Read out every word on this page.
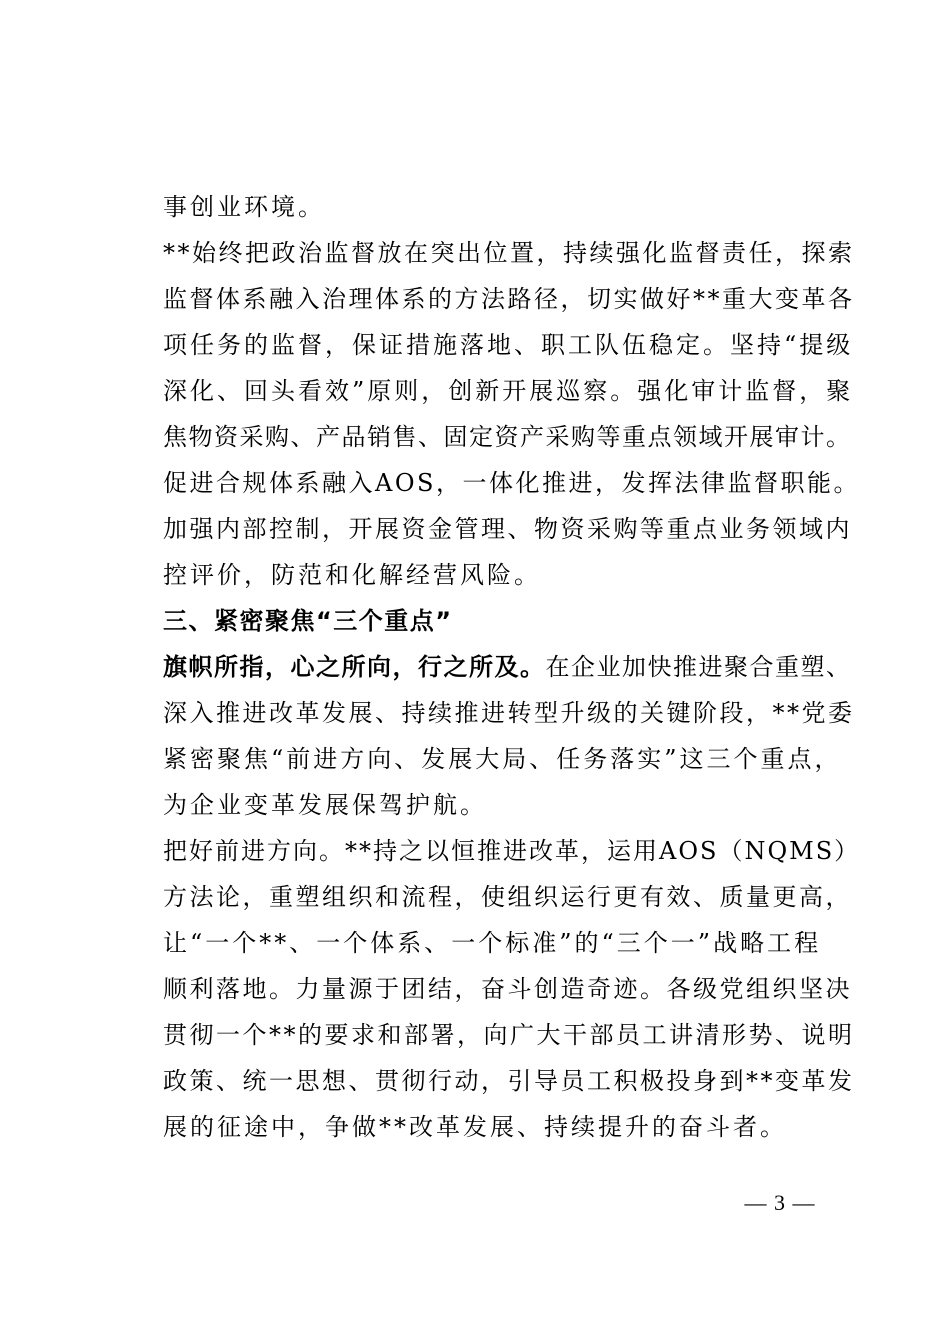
事创业环境。
**始终把政治监督放在突出位置，持续强化监督责任，探索
监督体系融入治理体系的方法路径，切实做好**重大变革各
项任务的监督，保证措施落地、职工队伍稳定。坚持“提级
深化、回头看效”原则，创新开展巡察。强化审计监督，聚
焦物资采购、产品销售、固定资产采购等重点领域开展审计。
促进合规体系融入AOS，一体化推进，发挥法律监督职能。
加强内部控制，开展资金管理、物资采购等重点业务领域内
控评价，防范和化解经营风险。
三、紧密聚焦“三个重点”
旗帜所指，心之所向，行之所及。在企业加快推进聚合重塑、
深入推进改革发展、持续推进转型升级的关键阶段，**党委
紧密聚焦“前进方向、发展大局、任务落实”这三个重点，
为企业变革发展保驾护航。
把好前进方向。**持之以恒推进改革，运用AOS（NQMS）
方法论，重塑组织和流程，使组织运行更有效、质量更高，
让“一个**、一个体系、一个标准”的“三个一”战略工程
顺利落地。力量源于团结，奋斗创造奇迹。各级党组织坚决
贯彻一个**的要求和部署，向广大干部员工讲清形势、说明
政策、统一思想、贯彻行动，引导员工积极投身到**变革发
展的征途中，争做**改革发展、持续提升的奋斗者。
— 3 —
